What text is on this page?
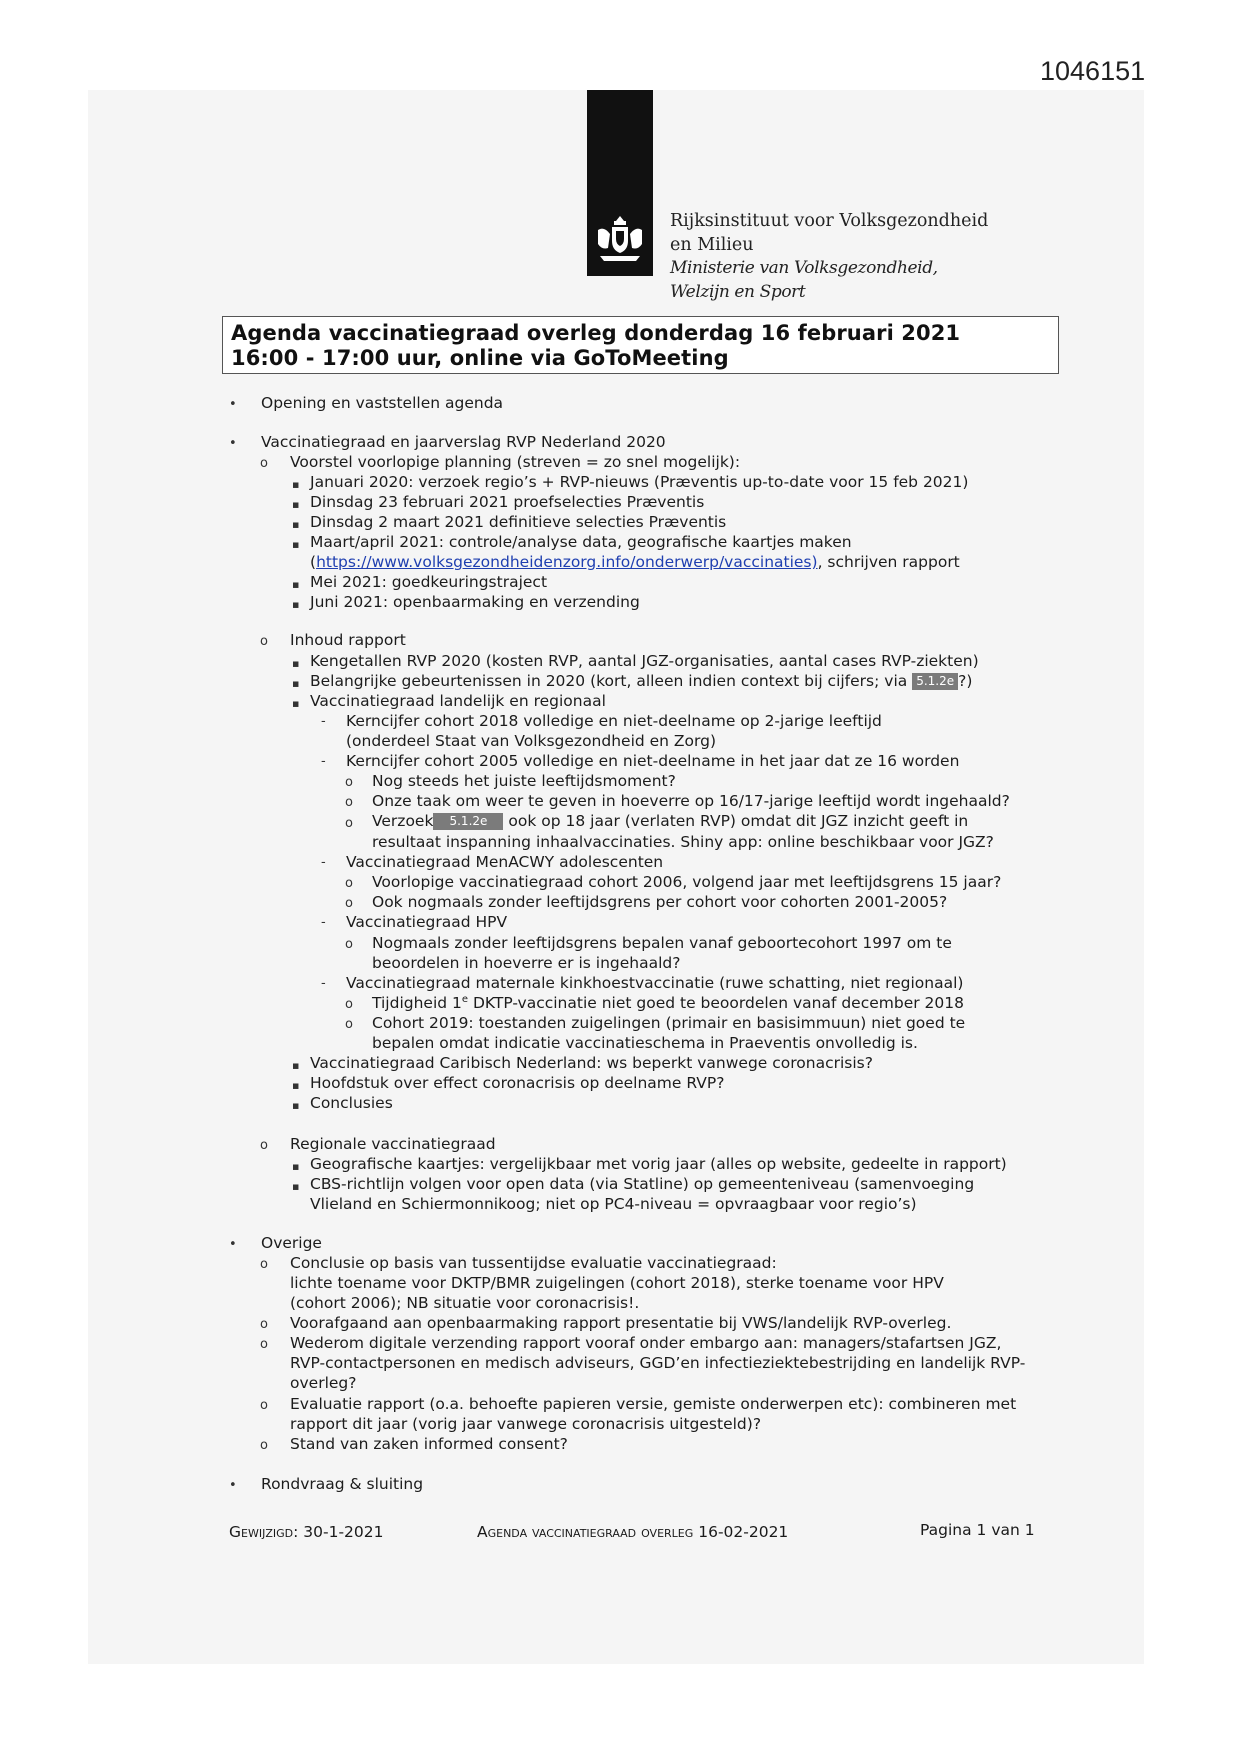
1046151
Rijksinstituut voor Volksgezondheid
en Milieu
Ministerie van Volksgezondheid,
Welzijn en Sport
Agenda vaccinatiegraad overleg donderdag 16 februari 2021
16:00 - 17:00 uur, online via GoToMeeting
• Opening en vaststellen agenda
• Vaccinatiegraad en jaarverslag RVP Nederland 2020
o Voorstel voorlopige planning (streven = zo snel mogelijk):
▪ Januari 2020: verzoek regio’s + RVP-nieuws (Præventis up-to-date voor 15 feb 2021)
▪ Dinsdag 23 februari 2021 proefselecties Præventis
▪ Dinsdag 2 maart 2021 definitieve selecties Præventis
▪ Maart/april 2021: controle/analyse data, geografische kaartjes maken
(https://www.volksgezondheidenzorg.info/onderwerp/vaccinaties), schrijven rapport
▪ Mei 2021: goedkeuringstraject
▪ Juni 2021: openbaarmaking en verzending
o Inhoud rapport
▪ Kengetallen RVP 2020 (kosten RVP, aantal JGZ-organisaties, aantal cases RVP-ziekten)
▪ Belangrijke gebeurtenissen in 2020 (kort, alleen indien context bij cijfers; via 5.1.2e ?)
▪ Vaccinatiegraad landelijk en regionaal
- Kerncijfer cohort 2018 volledige en niet-deelname op 2-jarige leeftijd
(onderdeel Staat van Volksgezondheid en Zorg)
- Kerncijfer cohort 2005 volledige en niet-deelname in het jaar dat ze 16 worden
o Nog steeds het juiste leeftijdsmoment?
o Onze taak om weer te geven in hoeverre op 16/17-jarige leeftijd wordt ingehaald?
o Verzoek 5.1.2e ook op 18 jaar (verlaten RVP) omdat dit JGZ inzicht geeft in
resultaat inspanning inhaalvaccinaties. Shiny app: online beschikbaar voor JGZ?
- Vaccinatiegraad MenACWY adolescenten
o Voorlopige vaccinatiegraad cohort 2006, volgend jaar met leeftijdsgrens 15 jaar?
o Ook nogmaals zonder leeftijdsgrens per cohort voor cohorten 2001-2005?
- Vaccinatiegraad HPV
o Nogmaals zonder leeftijdsgrens bepalen vanaf geboortecohort 1997 om te
beoordelen in hoeverre er is ingehaald?
- Vaccinatiegraad maternale kinkhoestvaccinatie (ruwe schatting, niet regionaal)
o Tijdigheid 1e DKTP-vaccinatie niet goed te beoordelen vanaf december 2018
o Cohort 2019: toestanden zuigelingen (primair en basisimmuun) niet goed te
bepalen omdat indicatie vaccinatieschema in Praeventis onvolledig is.
▪ Vaccinatiegraad Caribisch Nederland: ws beperkt vanwege coronacrisis?
▪ Hoofdstuk over effect coronacrisis op deelname RVP?
▪ Conclusies
o Regionale vaccinatiegraad
▪ Geografische kaartjes: vergelijkbaar met vorig jaar (alles op website, gedeelte in rapport)
▪ CBS-richtlijn volgen voor open data (via Statline) op gemeenteniveau (samenvoeging
Vlieland en Schiermonnikoog; niet op PC4-niveau = opvraagbaar voor regio’s)
• Overige
o Conclusie op basis van tussentijdse evaluatie vaccinatiegraad:
lichte toename voor DKTP/BMR zuigelingen (cohort 2018), sterke toename voor HPV
(cohort 2006); NB situatie voor coronacrisis!.
o Voorafgaand aan openbaarmaking rapport presentatie bij VWS/landelijk RVP-overleg.
o Wederom digitale verzending rapport vooraf onder embargo aan: managers/stafartsen JGZ,
RVP-contactpersonen en medisch adviseurs, GGD’en infectieziektebestrijding en landelijk RVP-
overleg?
o Evaluatie rapport (o.a. behoefte papieren versie, gemiste onderwerpen etc): combineren met
rapport dit jaar (vorig jaar vanwege coronacrisis uitgesteld)?
o Stand van zaken informed consent?
• Rondvraag & sluiting
Gewijzigd: 30-1-2021	Agenda vaccinatiegraad overleg 16-02-2021	Pagina 1 van 1
